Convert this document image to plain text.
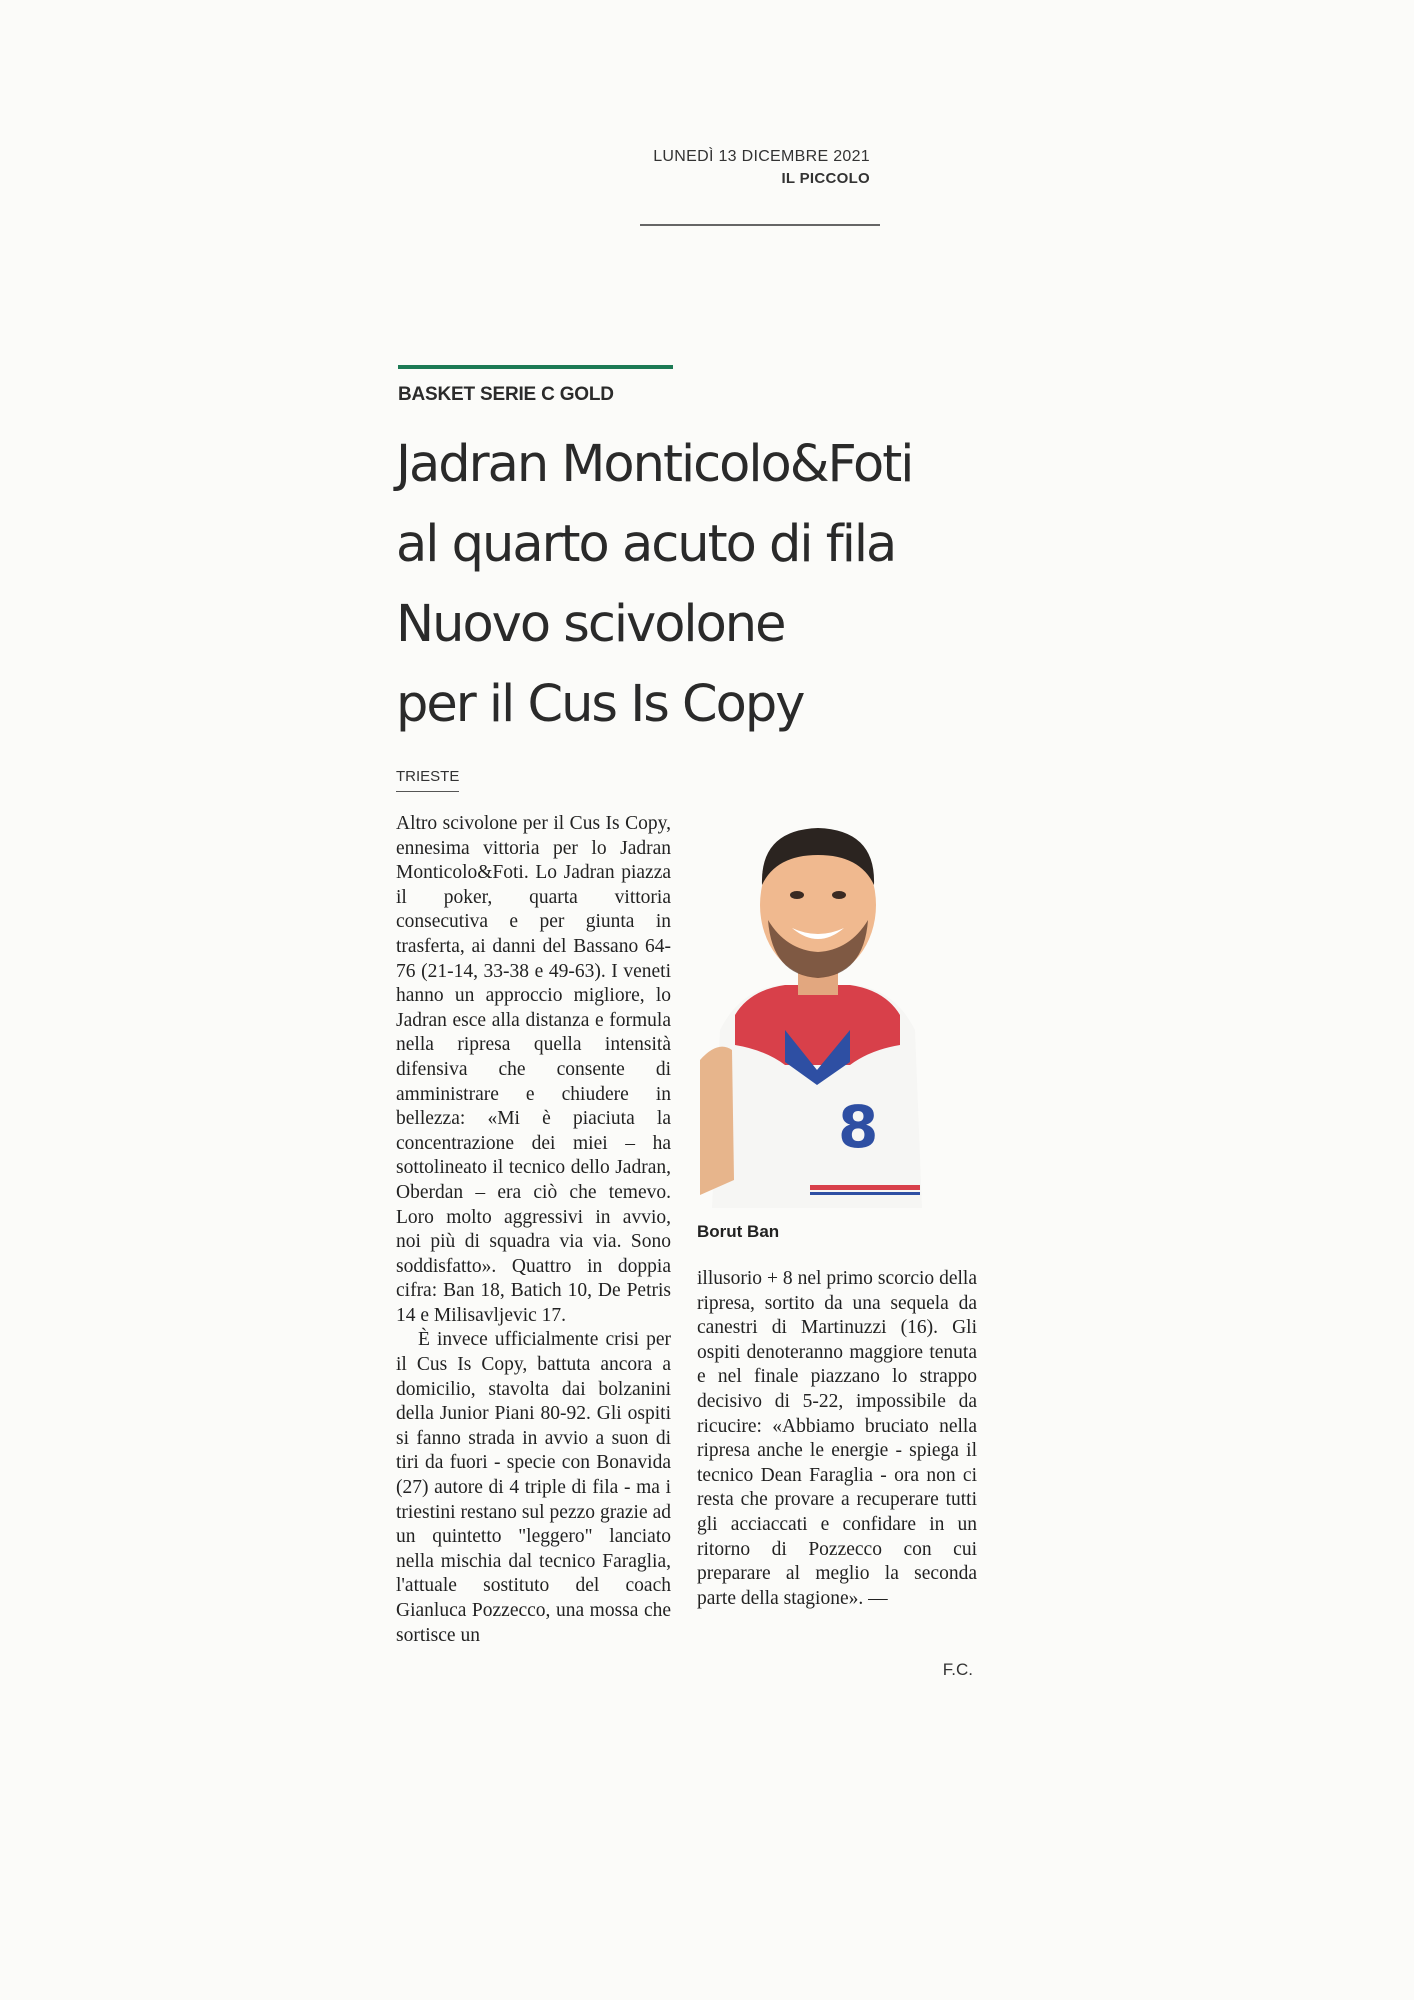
LUNEDÌ 13 DICEMBRE 2021
IL PICCOLO
BASKET SERIE C GOLD
Jadran Monticolo&Foti
al quarto acuto di fila
Nuovo scivolone
per il Cus Is Copy
TRIESTE

Altro scivolone per il Cus Is Copy, ennesima vittoria per lo Jadran Monticolo&Foti. Lo Jadran piazza il poker, quarta vittoria consecutiva e per giunta in trasferta, ai danni del Bassano 64-76 (21-14, 33-38 e 49-63). I veneti hanno un approccio migliore, lo Jadran esce alla distanza e formula nella ripresa quella intensità difensiva che consente di amministrare e chiudere in bellezza: «Mi è piaciuta la concentrazione dei miei – ha sottolineato il tecnico dello Jadran, Oberdan – era ciò che temevo. Loro molto aggressivi in avvio, noi più di squadra via via. Sono soddisfatto». Quattro in doppia cifra: Ban 18, Batich 10, De Petris 14 e Milisavljevic 17.

È invece ufficialmente crisi per il Cus Is Copy, battuta ancora a domicilio, stavolta dai bolzanini della Junior Piani 80-92. Gli ospiti si fanno strada in avvio a suon di tiri da fuori - specie con Bonavida (27) autore di 4 triple di fila - ma i triestini restano sul pezzo grazie ad un quintetto "leggero" lanciato nella mischia dal tecnico Faraglia, l'attuale sostituto del coach Gianluca Pozzecco, una mossa che sortisce un

8
Borut Ban

illusorio + 8 nel primo scorcio della ripresa, sortito da una sequela da canestri di Martinuzzi (16). Gli ospiti denoteranno maggiore tenuta e nel finale piazzano lo strappo decisivo di 5-22, impossibile da ricucire: «Abbiamo bruciato nella ripresa anche le energie - spiega il tecnico Dean Faraglia - ora non ci resta che provare a recuperare tutti gli acciaccati e confidare in un ritorno di Pozzecco con cui preparare al meglio la seconda parte della stagione». —

F.C.
